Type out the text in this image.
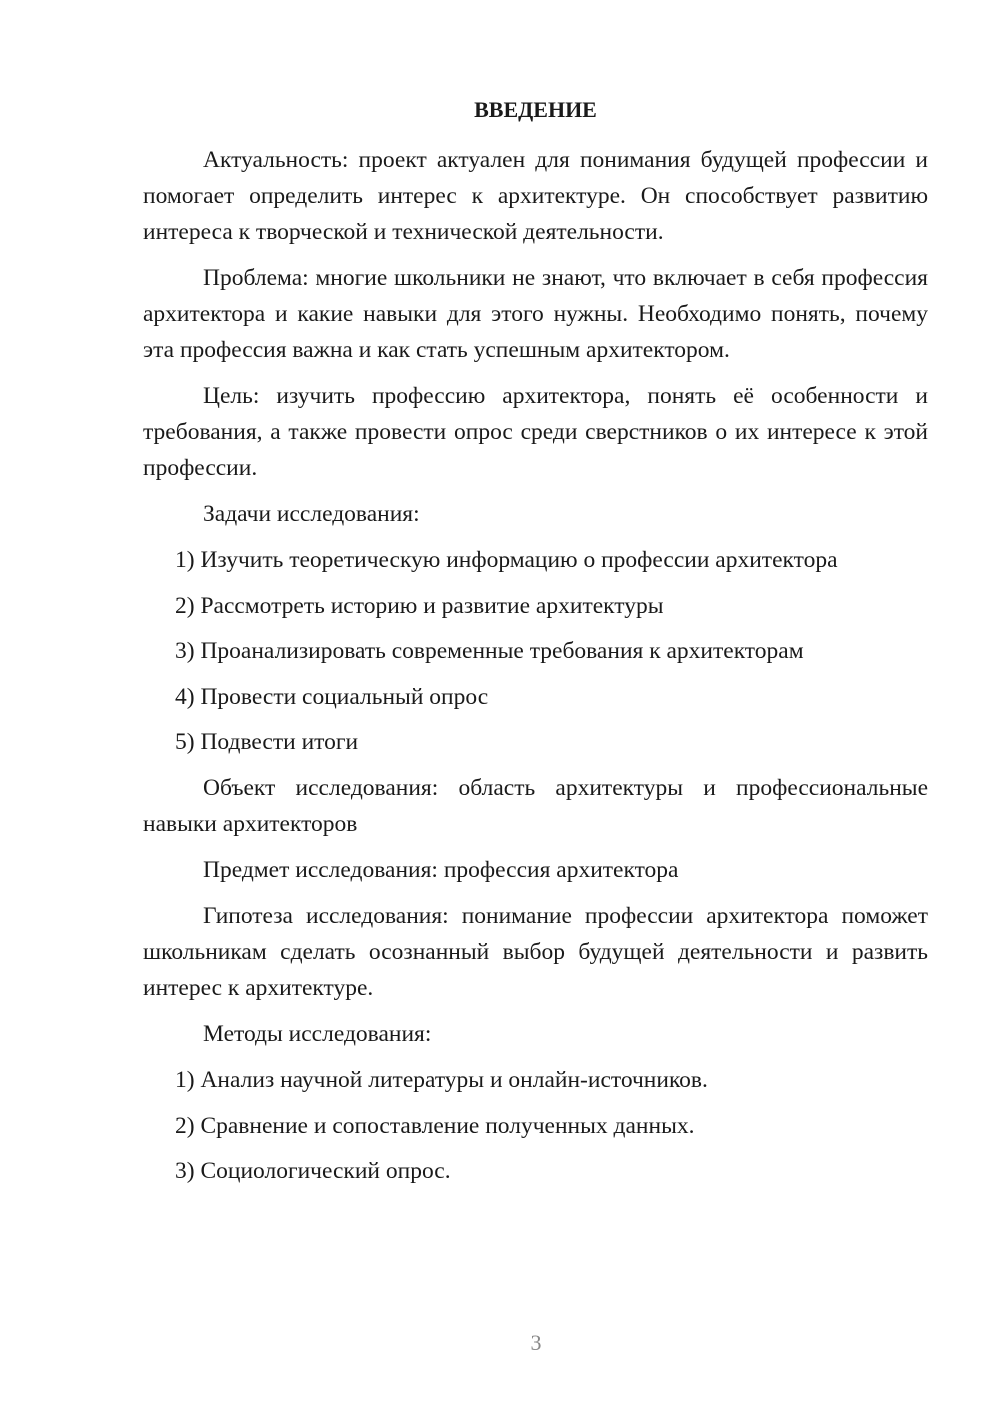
ВВЕДЕНИЕ

Актуальность: проект актуален для понимания будущей профессии и помогает определить интерес к архитектуре. Он способствует развитию интереса к творческой и технической деятельности.

Проблема: многие школьники не знают, что включает в себя профессия архитектора и какие навыки для этого нужны. Необходимо понять, почему эта профессия важна и как стать успешным архитектором.

Цель: изучить профессию архитектора, понять её особенности и требования, а также провести опрос среди сверстников о их интересе к этой профессии.

Задачи исследования:

1) Изучить теоретическую информацию о профессии архитектора
2) Рассмотреть историю и развитие архитектуры
3) Проанализировать современные требования к архитекторам
4) Провести социальный опрос
5) Подвести итоги

Объект исследования: область архитектуры и профессиональные навыки архитекторов

Предмет исследования: профессия архитектора

Гипотеза исследования: понимание профессии архитектора поможет школьникам сделать осознанный выбор будущей деятельности и развить интерес к архитектуре.

Методы исследования:

1) Анализ научной литературы и онлайн-источников.
2) Сравнение и сопоставление полученных данных.
3) Социологический опрос.
3
